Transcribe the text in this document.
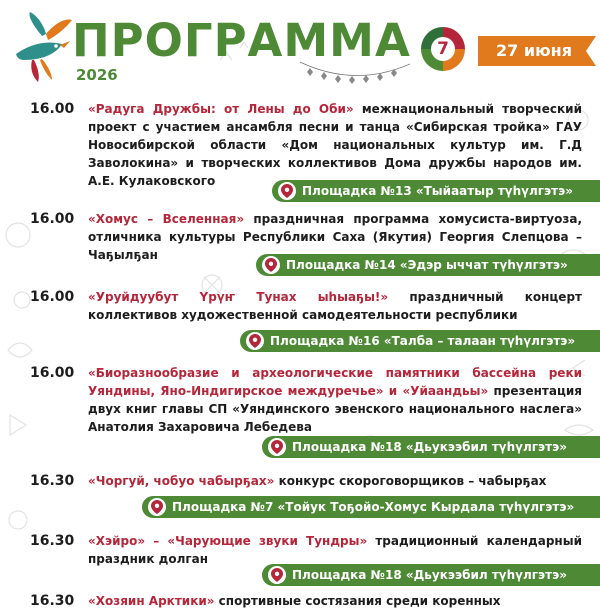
ПРОГРАММА
2026
7	27 июня
16.00 «Радуга Дружбы: от Лены до Оби» межнациональный творческий проект с участием ансамбля песни и танца «Сибирская тройка» ГАУ Новосибирской области «Дом национальных культур им. Г.Д Заволокина» и творческих коллективов Дома дружбы народов им. А.Е. Кулаковского
Площадка №13 «Тыйаатыр түһүлгэтэ»
16.00 «Хомус – Вселенная» праздничная программа хомусиста-виртуоза, отличника культуры Республики Саха (Якутия) Георгия Слепцова – Чаҕылҕан
Площадка №14 «Эдэр ыччат түһүлгэтэ»
16.00 «Уруйдуубут Үрүҥ Тунах ыһыаҕы!» праздничный концерт коллективов художественной самодеятельности республики
Площадка №16 «Талба – талаан түһүлгэтэ»
16.00 «Биоразнообразие и археологические памятники бассейна реки Уяндины, Яно-Индигирское междуречье» и «Уйаандьы» презентация двух книг главы СП «Уяндинского эвенского национального наслега» Анатолия Захаровича Лебедева
Площадка №18 «Дьукээбил түһүлгэтэ»
16.30 «Чоргуй, чобуо чабырҕах» конкурс скороговорщиков – чабырҕах
Площадка №7 «Тойук Тоҕойо-Хомус Кырдала түһүлгэтэ»
16.30 «Хэйро» – «Чарующие звуки Тундры» традиционный календарный праздник долган
Площадка №18 «Дьукээбил түһүлгэтэ»
16.30 «Хозяин Арктики» спортивные состязания среди коренных
